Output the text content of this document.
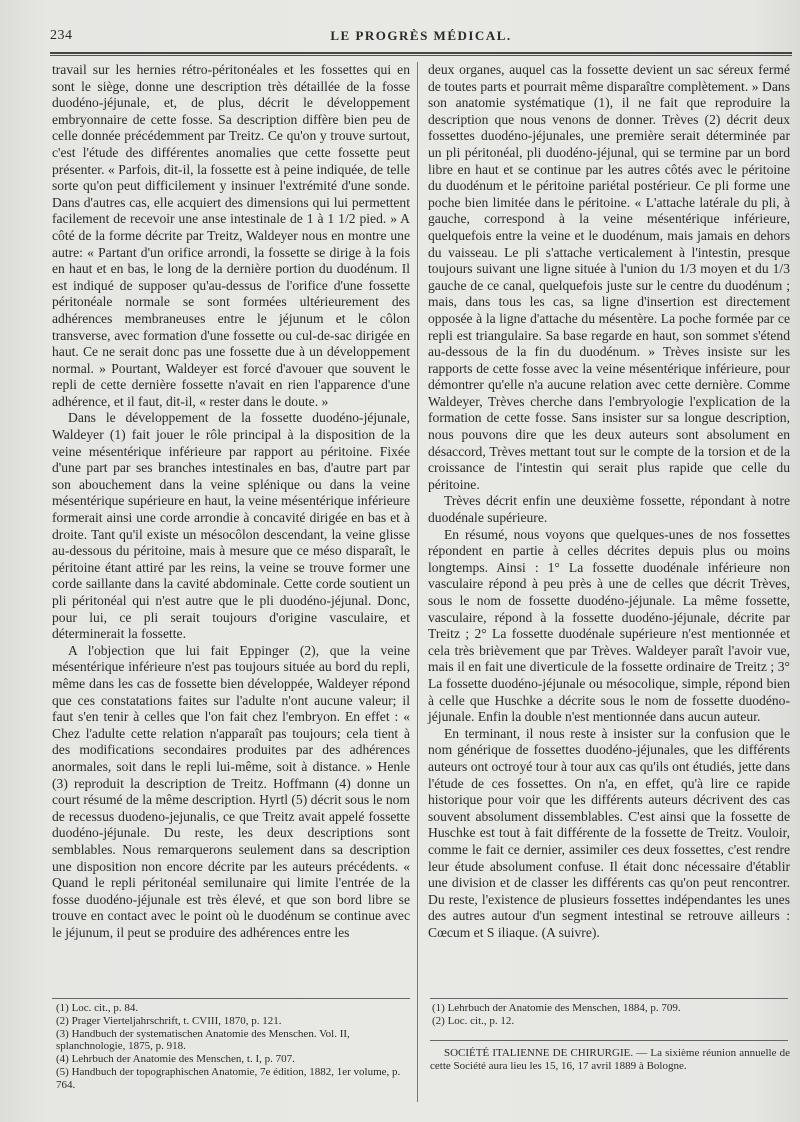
234	LE PROGRÈS MÉDICAL.

travail sur les hernies rétro-péritonéales et les fossettes qui en sont le siège, donne une description très détaillée de la fosse duodéno-jéjunale, et, de plus, décrit le développement embryonnaire de cette fosse. Sa description diffère bien peu de celle donnée précédemment par Treitz. Ce qu'on y trouve surtout, c'est l'étude des différentes anomalies que cette fossette peut présenter. « Parfois, dit-il, la fossette est à peine indiquée, de telle sorte qu'on peut difficilement y insinuer l'extrémité d'une sonde. Dans d'autres cas, elle acquiert des dimensions qui lui permettent facilement de recevoir une anse intestinale de 1 à 1 1/2 pied. » A côté de la forme décrite par Treitz, Waldeyer nous en montre une autre: « Partant d'un orifice arrondi, la fossette se dirige à la fois en haut et en bas, le long de la dernière portion du duodénum. Il est indiqué de supposer qu'au-dessus de l'orifice d'une fossette péritonéale normale se sont formées ultérieurement des adhérences membraneuses entre le jéjunum et le côlon transverse, avec formation d'une fossette ou cul-de-sac dirigée en haut. Ce ne serait donc pas une fossette due à un développement normal. » Pourtant, Waldeyer est forcé d'avouer que souvent le repli de cette dernière fossette n'avait en rien l'apparence d'une adhérence, et il faut, dit-il, « rester dans le doute. »

Dans le développement de la fossette duodéno-jéjunale, Waldeyer (1) fait jouer le rôle principal à la disposition de la veine mésentérique inférieure par rapport au péritoine. Fixée d'une part par ses branches intestinales en bas, d'autre part par son abouchement dans la veine splénique ou dans la veine mésentérique supérieure en haut, la veine mésentérique inférieure formerait ainsi une corde arrondie à concavité dirigée en bas et à droite. Tant qu'il existe un mésocôlon descendant, la veine glisse au-dessous du péritoine, mais à mesure que ce méso disparaît, le péritoine étant attiré par les reins, la veine se trouve former une corde saillante dans la cavité abdominale. Cette corde soutient un pli péritonéal qui n'est autre que le pli duodéno-jéjunal. Donc, pour lui, ce pli serait toujours d'origine vasculaire, et déterminerait la fossette.

A l'objection que lui fait Eppinger (2), que la veine mésentérique inférieure n'est pas toujours située au bord du repli, même dans les cas de fossette bien développée, Waldeyer répond que ces constatations faites sur l'adulte n'ont aucune valeur; il faut s'en tenir à celles que l'on fait chez l'embryon. En effet : « Chez l'adulte cette relation n'apparaît pas toujours; cela tient à des modifications secondaires produites par des adhérences anormales, soit dans le repli lui-même, soit à distance. » Henle (3) reproduit la description de Treitz. Hoffmann (4) donne un court résumé de la même description. Hyrtl (5) décrit sous le nom de recessus duodeno-jejunalis, ce que Treitz avait appelé fossette duodéno-jéjunale. Du reste, les deux descriptions sont semblables. Nous remarquerons seulement dans sa description une disposition non encore décrite par les auteurs précédents. « Quand le repli péritonéal semilunaire qui limite l'entrée de la fosse duodéno-jéjunale est très élevé, et que son bord libre se trouve en contact avec le point où le duodénum se continue avec le jéjunum, il peut se produire des adhérences entre les

deux organes, auquel cas la fossette devient un sac séreux fermé de toutes parts et pourrait même disparaître complètement. » Dans son anatomie systématique (1), il ne fait que reproduire la description que nous venons de donner. Trèves (2) décrit deux fossettes duodéno-jéjunales, une première serait déterminée par un pli péritonéal, pli duodéno-jéjunal, qui se termine par un bord libre en haut et se continue par les autres côtés avec le péritoine du duodénum et le péritoine pariétal postérieur. Ce pli forme une poche bien limitée dans le péritoine. « L'attache latérale du pli, à gauche, correspond à la veine mésentérique inférieure, quelquefois entre la veine et le duodénum, mais jamais en dehors du vaisseau. Le pli s'attache verticalement à l'intestin, presque toujours suivant une ligne située à l'union du 1/3 moyen et du 1/3 gauche de ce canal, quelquefois juste sur le centre du duodénum ; mais, dans tous les cas, sa ligne d'insertion est directement opposée à la ligne d'attache du mésentère. La poche formée par ce repli est triangulaire. Sa base regarde en haut, son sommet s'étend au-dessous de la fin du duodénum. » Trèves insiste sur les rapports de cette fosse avec la veine mésentérique inférieure, pour démontrer qu'elle n'a aucune relation avec cette dernière. Comme Waldeyer, Trèves cherche dans l'embryologie l'explication de la formation de cette fosse. Sans insister sur sa longue description, nous pouvons dire que les deux auteurs sont absolument en désaccord, Trèves mettant tout sur le compte de la torsion et de la croissance de l'intestin qui serait plus rapide que celle du péritoine.

Trèves décrit enfin une deuxième fossette, répondant à notre duodénale supérieure.

En résumé, nous voyons que quelques-unes de nos fossettes répondent en partie à celles décrites depuis plus ou moins longtemps. Ainsi : 1° La fossette duodénale inférieure non vasculaire répond à peu près à une de celles que décrit Trèves, sous le nom de fossette duodéno-jéjunale. La même fossette, vasculaire, répond à la fossette duodéno-jéjunale, décrite par Treitz ; 2° La fossette duodénale supérieure n'est mentionnée et cela très brièvement que par Trèves. Waldeyer paraît l'avoir vue, mais il en fait une diverticule de la fossette ordinaire de Treitz ; 3° La fossette duodéno-jéjunale ou mésocolique, simple, répond bien à celle que Huschke a décrite sous le nom de fossette duodéno-jéjunale. Enfin la double n'est mentionnée dans aucun auteur.

En terminant, il nous reste à insister sur la confusion que le nom générique de fossettes duodéno-jéjunales, que les différents auteurs ont octroyé tour à tour aux cas qu'ils ont étudiés, jette dans l'étude de ces fossettes. On n'a, en effet, qu'à lire ce rapide historique pour voir que les différents auteurs décrivent des cas souvent absolument dissemblables. C'est ainsi que la fossette de Huschke est tout à fait différente de la fossette de Treitz. Vouloir, comme le fait ce dernier, assimiler ces deux fossettes, c'est rendre leur étude absolument confuse. Il était donc nécessaire d'établir une division et de classer les différents cas qu'on peut rencontrer. Du reste, l'existence de plusieurs fossettes indépendantes les unes des autres autour d'un segment intestinal se retrouve ailleurs : Cœcum et S iliaque. (A suivre).

(1) Loc. cit., p. 84.
(2) Prager Vierteljahrschrift, t. CVIII, 1870, p. 121.
(3) Handbuch der systematischen Anatomie des Menschen. Vol. II, splanchnologie, 1875, p. 918.
(4) Lehrbuch der Anatomie des Menschen, t. I, p. 707.
(5) Handbuch der topographischen Anatomie, 7e édition, 1882, 1er volume, p. 764.
(1) Lehrbuch der Anatomie des Menschen, 1884, p. 709.
(2) Loc. cit., p. 12.
SOCIÉTÉ ITALIENNE DE CHIRURGIE. — La sixième réunion annuelle de cette Société aura lieu les 15, 16, 17 avril 1889 à Bologne.
